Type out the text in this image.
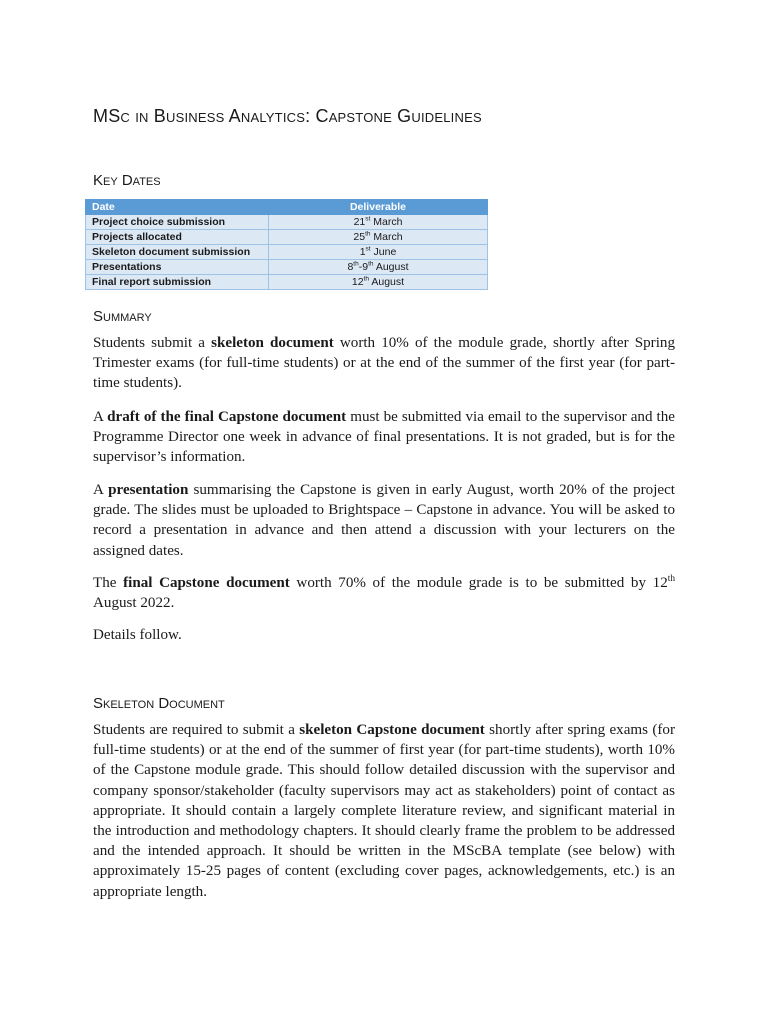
MSc in Business Analytics: Capstone Guidelines
Key Dates
Date	Deliverable
Project choice submission	21st March
Projects allocated	25th March
Skeleton document submission	1st June
Presentations	8th-9th August
Final report submission	12th August
Summary

Students submit a skeleton document worth 10% of the module grade, shortly after Spring Trimester exams (for full-time students) or at the end of the summer of the first year (for part-time students).

A draft of the final Capstone document must be submitted via email to the supervisor and the Programme Director one week in advance of final presentations. It is not graded, but is for the supervisor’s information.

A presentation summarising the Capstone is given in early August, worth 20% of the project grade. The slides must be uploaded to Brightspace – Capstone in advance. You will be asked to record a presentation in advance and then attend a discussion with your lecturers on the assigned dates.

The final Capstone document worth 70% of the module grade is to be submitted by 12th August 2022.

Details follow.

Skeleton Document

Students are required to submit a skeleton Capstone document shortly after spring exams (for full-time students) or at the end of the summer of first year (for part-time students), worth 10% of the Capstone module grade. This should follow detailed discussion with the supervisor and company sponsor/stakeholder (faculty supervisors may act as stakeholders) point of contact as appropriate. It should contain a largely complete literature review, and significant material in the introduction and methodology chapters. It should clearly frame the problem to be addressed and the intended approach. It should be written in the MScBA template (see below) with approximately 15-25 pages of content (excluding cover pages, acknowledgements, etc.) is an appropriate length.
